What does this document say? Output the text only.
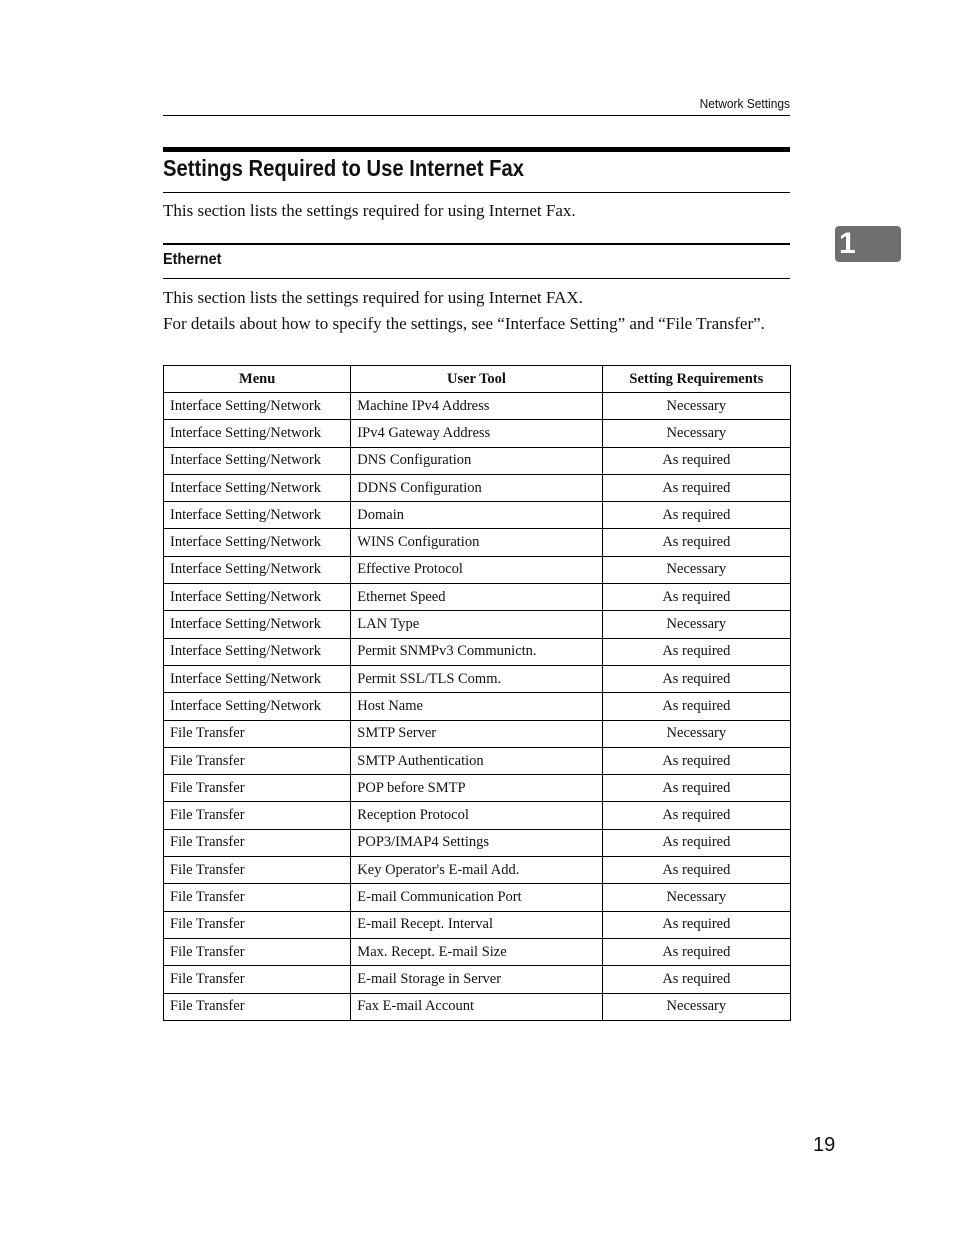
Network Settings
Settings Required to Use Internet Fax

This section lists the settings required for using Internet Fax.

1
Ethernet

This section lists the settings required for using Internet FAX.

For details about how to specify the settings, see “Interface Setting” and “File Transfer”.

Menu	User Tool	Setting Requirements
Interface Setting/Network	Machine IPv4 Address	Necessary
Interface Setting/Network	IPv4 Gateway Address	Necessary
Interface Setting/Network	DNS Configuration	As required
Interface Setting/Network	DDNS Configuration	As required
Interface Setting/Network	Domain	As required
Interface Setting/Network	WINS Configuration	As required
Interface Setting/Network	Effective Protocol	Necessary
Interface Setting/Network	Ethernet Speed	As required
Interface Setting/Network	LAN Type	Necessary
Interface Setting/Network	Permit SNMPv3 Communictn.	As required
Interface Setting/Network	Permit SSL/TLS Comm.	As required
Interface Setting/Network	Host Name	As required
File Transfer	SMTP Server	Necessary
File Transfer	SMTP Authentication	As required
File Transfer	POP before SMTP	As required
File Transfer	Reception Protocol	As required
File Transfer	POP3/IMAP4 Settings	As required
File Transfer	Key Operator's E-mail Add.	As required
File Transfer	E-mail Communication Port	Necessary
File Transfer	E-mail Recept. Interval	As required
File Transfer	Max. Recept. E-mail Size	As required
File Transfer	E-mail Storage in Server	As required
File Transfer	Fax E-mail Account	Necessary
19
